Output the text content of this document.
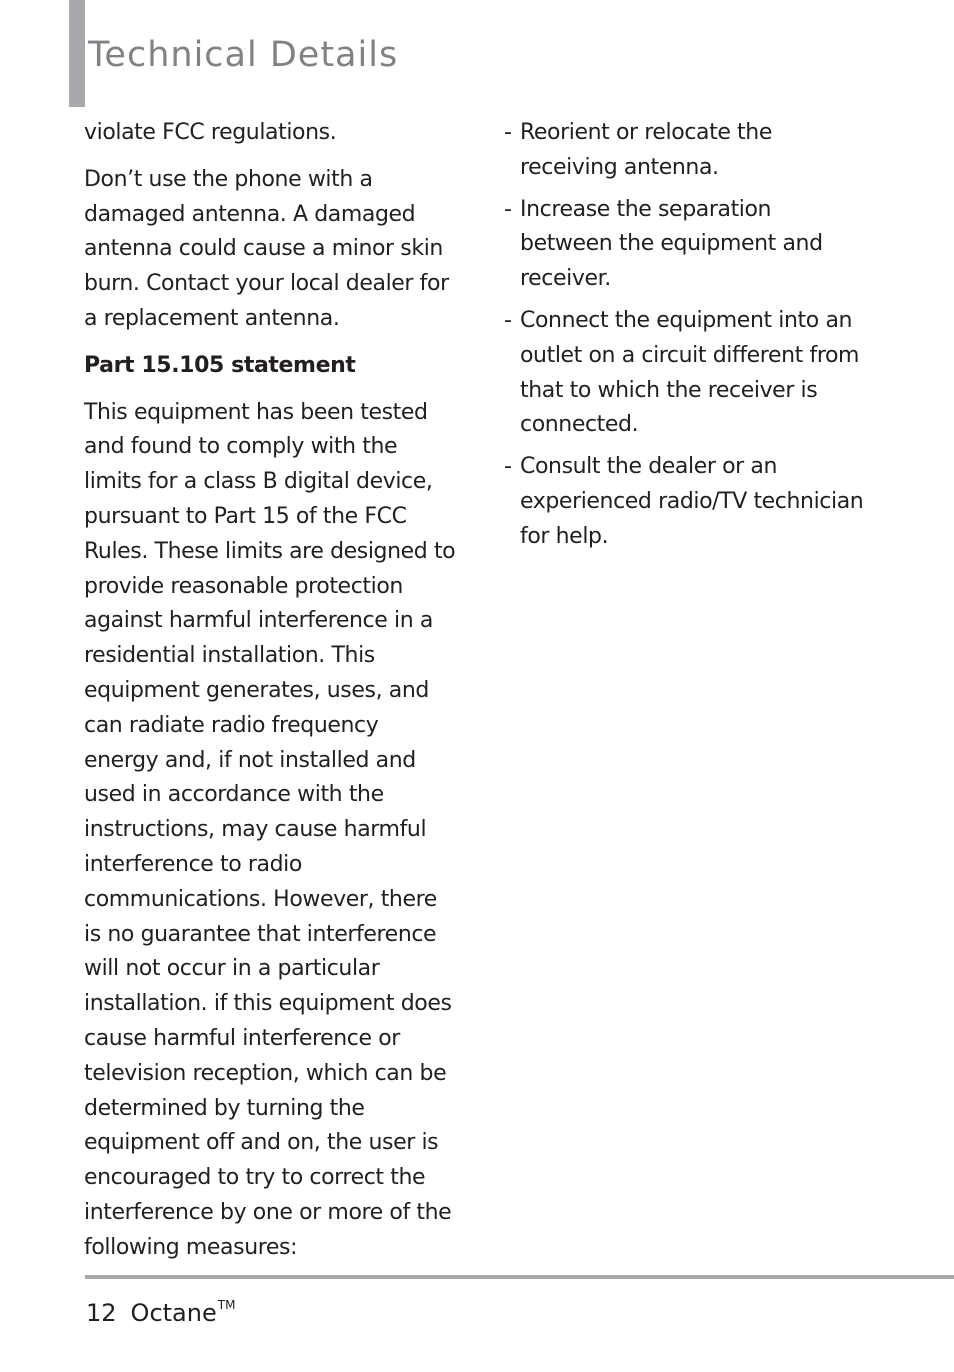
Technical Details

violate FCC regulations.

Don’t use the phone with a damaged antenna. A damaged antenna could cause a minor skin burn. Contact your local dealer for a replacement antenna.

Part 15.105 statement

This equipment has been tested and found to comply with the limits for a class B digital device, pursuant to Part 15 of the FCC Rules. These limits are designed to provide reasonable protection against harmful interference in a residential installation. This equipment generates, uses, and can radiate radio frequency energy and, if not installed and used in accordance with the instructions, may cause harmful interference to radio communications. However, there is no guarantee that interference will not occur in a particular installation. if this equipment does cause harmful interference or television reception, which can be determined by turning the equipment off and on, the user is encouraged to try to correct the interference by one or more of the following measures:

- Reorient or relocate the receiving antenna.
- Increase the separation between the equipment and receiver.
- Connect the equipment into an outlet on a circuit different from that to which the receiver is connected.
- Consult the dealer or an experienced radio/TV technician for help.
12 Octane™
